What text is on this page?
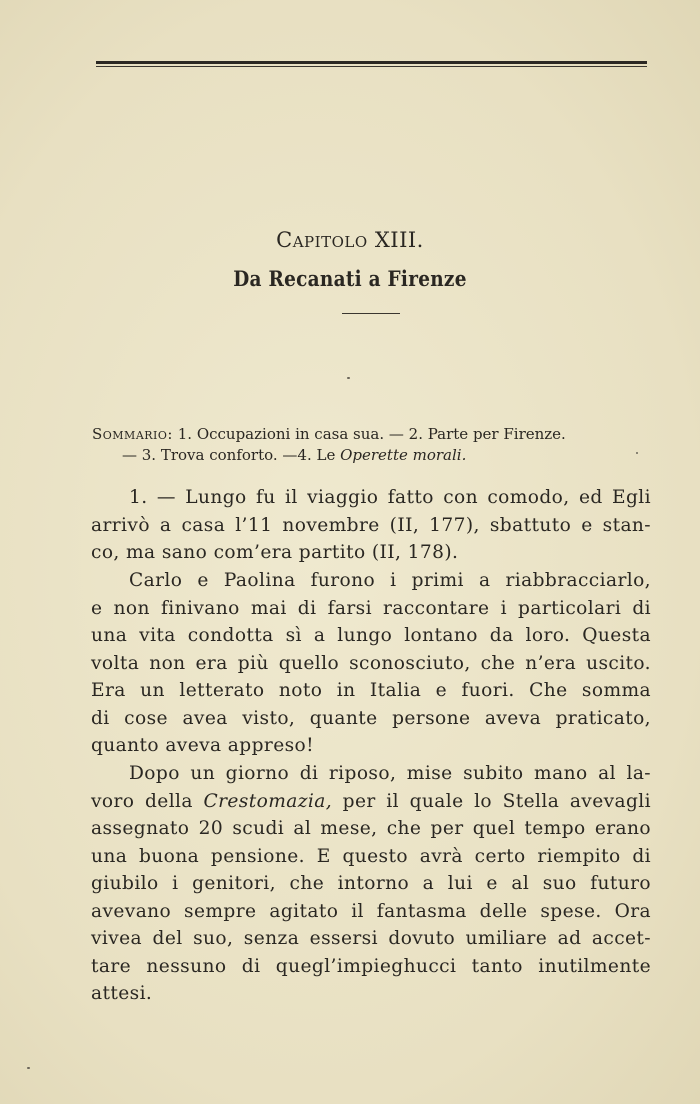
Capitolo XIII.
Da Recanati a Firenze
Sommario: 1. Occupazioni in casa sua. — 2. Parte per Firenze.
— 3. Trova conforto. —4. Le Operette morali.
1. — Lungo fu il viaggio fatto con comodo, ed Egli
arrivò a casa l’11 novembre (II, 177), sbattuto e stan-
co, ma sano com’era partito (II, 178).
Carlo e Paolina furono i primi a riabbracciarlo,
e non finivano mai di farsi raccontare i particolari di
una vita condotta sì a lungo lontano da loro. Questa
volta non era più quello sconosciuto, che n’era uscito.
Era un letterato noto in Italia e fuori. Che somma
di cose avea visto, quante persone aveva praticato,
quanto aveva appreso!
Dopo un giorno di riposo, mise subito mano al la-
voro della Crestomazia, per il quale lo Stella avevagli
assegnato 20 scudi al mese, che per quel tempo erano
una buona pensione. E questo avrà certo riempito di
giubilo i genitori, che intorno a lui e al suo futuro
avevano sempre agitato il fantasma delle spese. Ora
vivea del suo, senza essersi dovuto umiliare ad accet-
tare nessuno di quegl’impieghucci tanto inutilmente
attesi.
